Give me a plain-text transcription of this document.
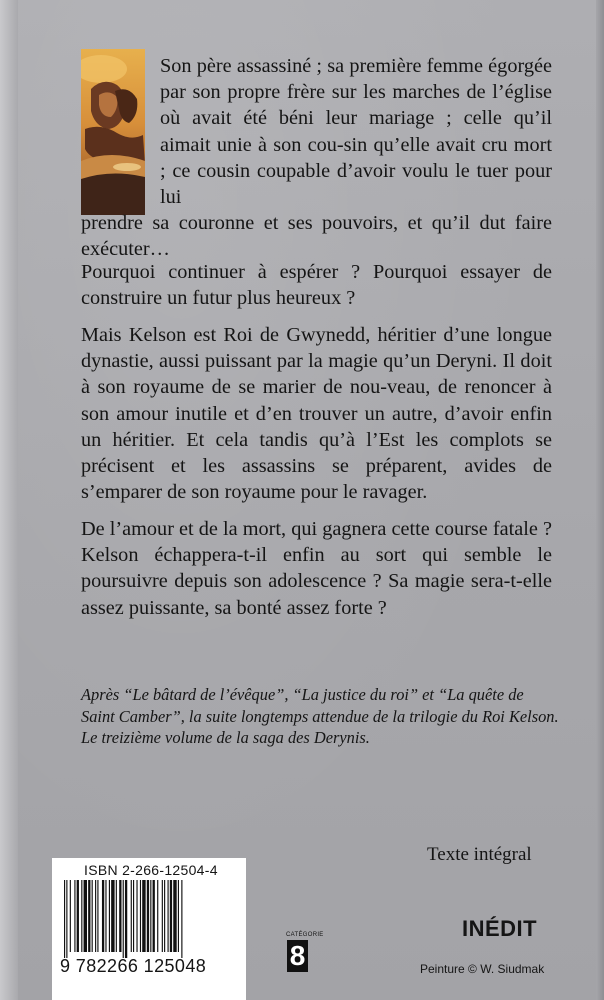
Son père assassiné ; sa première femme égorgée par son propre frère sur les marches de l’église où avait été béni leur mariage ; celle qu’il aimait unie à son cou-sin qu’elle avait cru mort ; ce cousin coupable d’avoir voulu le tuer pour lui

prendre sa couronne et ses pouvoirs, et qu’il dut faire exécuter…

Pourquoi continuer à espérer ? Pourquoi essayer de construire un futur plus heureux ?

Mais Kelson est Roi de Gwynedd, héritier d’une longue dynastie, aussi puissant par la magie qu’un Deryni. Il doit à son royaume de se marier de nou-veau, de renoncer à son amour inutile et d’en trouver un autre, d’avoir enfin un héritier. Et cela tandis qu’à l’Est les complots se précisent et les assassins se préparent, avides de s’emparer de son royaume pour le ravager.

De l’amour et de la mort, qui gagnera cette course fatale ? Kelson échappera-t-il enfin au sort qui semble le poursuivre depuis son adolescence ? Sa magie sera-t-elle assez puissante, sa bonté assez forte ?

Après “Le bâtard de l’évêque”, “La justice du roi” et “La quête de Saint Camber”, la suite longtemps attendue de la trilogie du Roi Kelson. Le treizième volume de la saga des Derynis.

Texte intégral

ISBN 2-266-12504-4

9 782266 125048

CATÉGORIE

8

INÉDIT

Peinture © W. Siudmak
